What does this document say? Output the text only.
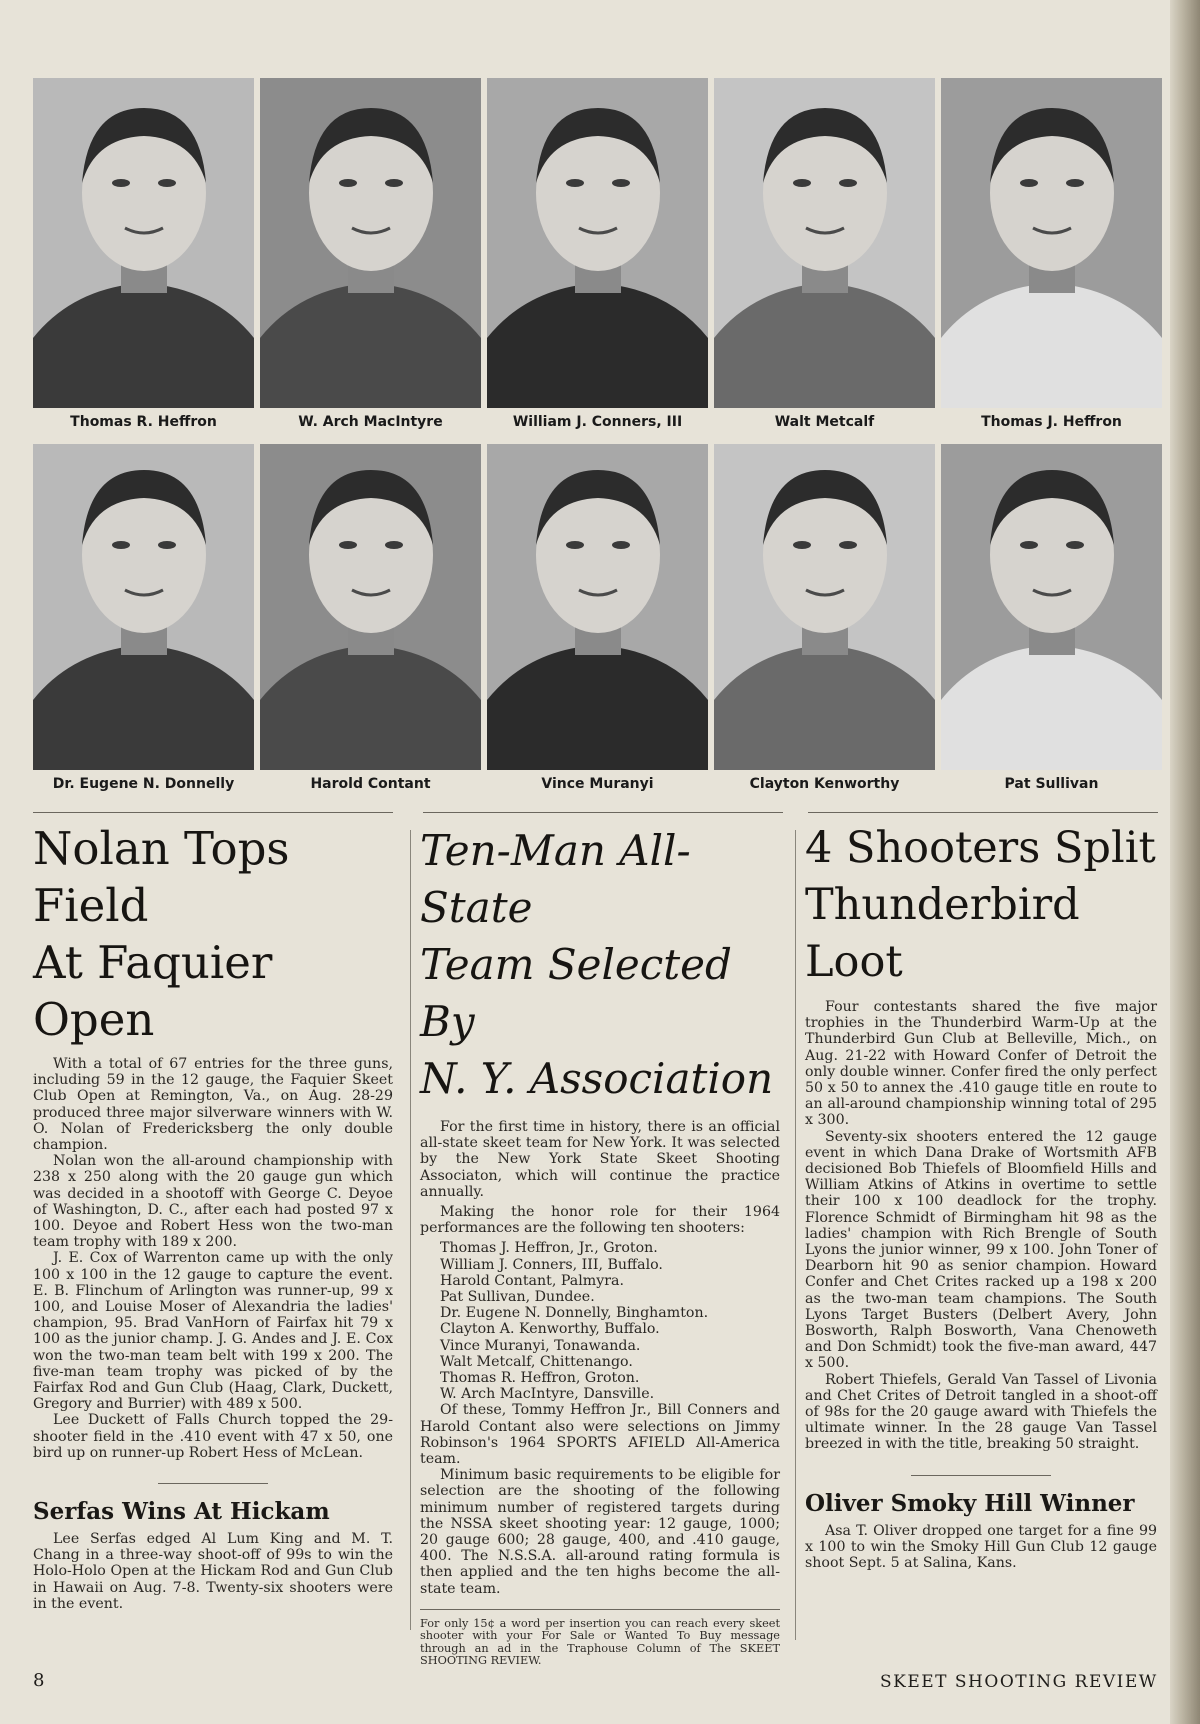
Thomas R. Heffron	W. Arch MacIntyre	William J. Conners, III	Walt Metcalf	Thomas J. Heffron
Dr. Eugene N. Donnelly	Harold Contant	Vince Muranyi	Clayton Kenworthy	Pat Sullivan
Nolan Tops Field
At Faquier Open

With a total of 67 entries for the three guns, including 59 in the 12 gauge, the Faquier Skeet Club Open at Remington, Va., on Aug. 28-29 produced three major silverware winners with W. O. Nolan of Fredericksberg the only double champion.

Nolan won the all-around championship with 238 x 250 along with the 20 gauge gun which was decided in a shootoff with George C. Deyoe of Washington, D. C., after each had posted 97 x 100. Deyoe and Robert Hess won the two-man team trophy with 189 x 200.

J. E. Cox of Warrenton came up with the only 100 x 100 in the 12 gauge to capture the event. E. B. Flinchum of Arlington was runner-up, 99 x 100, and Louise Moser of Alexandria the ladies' champion, 95. Brad VanHorn of Fairfax hit 79 x 100 as the junior champ. J. G. Andes and J. E. Cox won the two-man team belt with 199 x 200. The five-man team trophy was picked of by the Fairfax Rod and Gun Club (Haag, Clark, Duckett, Gregory and Burrier) with 489 x 500.

Lee Duckett of Falls Church topped the 29-shooter field in the .410 event with 47 x 50, one bird up on runner-up Robert Hess of McLean.

Serfas Wins At Hickam

Lee Serfas edged Al Lum King and M. T. Chang in a three-way shoot-off of 99s to win the Holo-Holo Open at the Hickam Rod and Gun Club in Hawaii on Aug. 7-8. Twenty-six shooters were in the event.

Ten-Man All-State
Team Selected By
N. Y. Association

For the first time in history, there is an official all-state skeet team for New York. It was selected by the New York State Skeet Shooting Associaton, which will continue the practice annually.

Making the honor role for their 1964 performances are the following ten shooters:

Thomas J. Heffron, Jr., Groton.

William J. Conners, III, Buffalo.

Harold Contant, Palmyra.

Pat Sullivan, Dundee.

Dr. Eugene N. Donnelly, Binghamton.

Clayton A. Kenworthy, Buffalo.

Vince Muranyi, Tonawanda.

Walt Metcalf, Chittenango.

Thomas R. Heffron, Groton.

W. Arch MacIntyre, Dansville.

Of these, Tommy Heffron Jr., Bill Conners and Harold Contant also were selections on Jimmy Robinson's 1964 SPORTS AFIELD All-America team.

Minimum basic requirements to be eligible for selection are the shooting of the following minimum number of registered targets during the NSSA skeet shooting year: 12 gauge, 1000; 20 gauge 600; 28 gauge, 400, and .410 gauge, 400. The N.S.S.A. all-around rating formula is then applied and the ten highs become the all-state team.

For only 15¢ a word per insertion you can reach every skeet shooter with your For Sale or Wanted To Buy message through an ad in the Traphouse Column of The SKEET SHOOTING REVIEW.

4 Shooters Split
Thunderbird Loot

Four contestants shared the five major trophies in the Thunderbird Warm-Up at the Thunderbird Gun Club at Belleville, Mich., on Aug. 21-22 with Howard Confer of Detroit the only double winner. Confer fired the only perfect 50 x 50 to annex the .410 gauge title en route to an all-around championship winning total of 295 x 300.

Seventy-six shooters entered the 12 gauge event in which Dana Drake of Wortsmith AFB decisioned Bob Thiefels of Bloomfield Hills and William Atkins of Atkins in overtime to settle their 100 x 100 deadlock for the trophy. Florence Schmidt of Birmingham hit 98 as the ladies' champion with Rich Brengle of South Lyons the junior winner, 99 x 100. John Toner of Dearborn hit 90 as senior champion. Howard Confer and Chet Crites racked up a 198 x 200 as the two-man team champions. The South Lyons Target Busters (Delbert Avery, John Bosworth, Ralph Bosworth, Vana Chenoweth and Don Schmidt) took the five-man award, 447 x 500.

Robert Thiefels, Gerald Van Tassel of Livonia and Chet Crites of Detroit tangled in a shoot-off of 98s for the 20 gauge award with Thiefels the ultimate winner. In the 28 gauge Van Tassel breezed in with the title, breaking 50 straight.

Oliver Smoky Hill Winner

Asa T. Oliver dropped one target for a fine 99 x 100 to win the Smoky Hill Gun Club 12 gauge shoot Sept. 5 at Salina, Kans.

8	SKEET SHOOTING REVIEW
